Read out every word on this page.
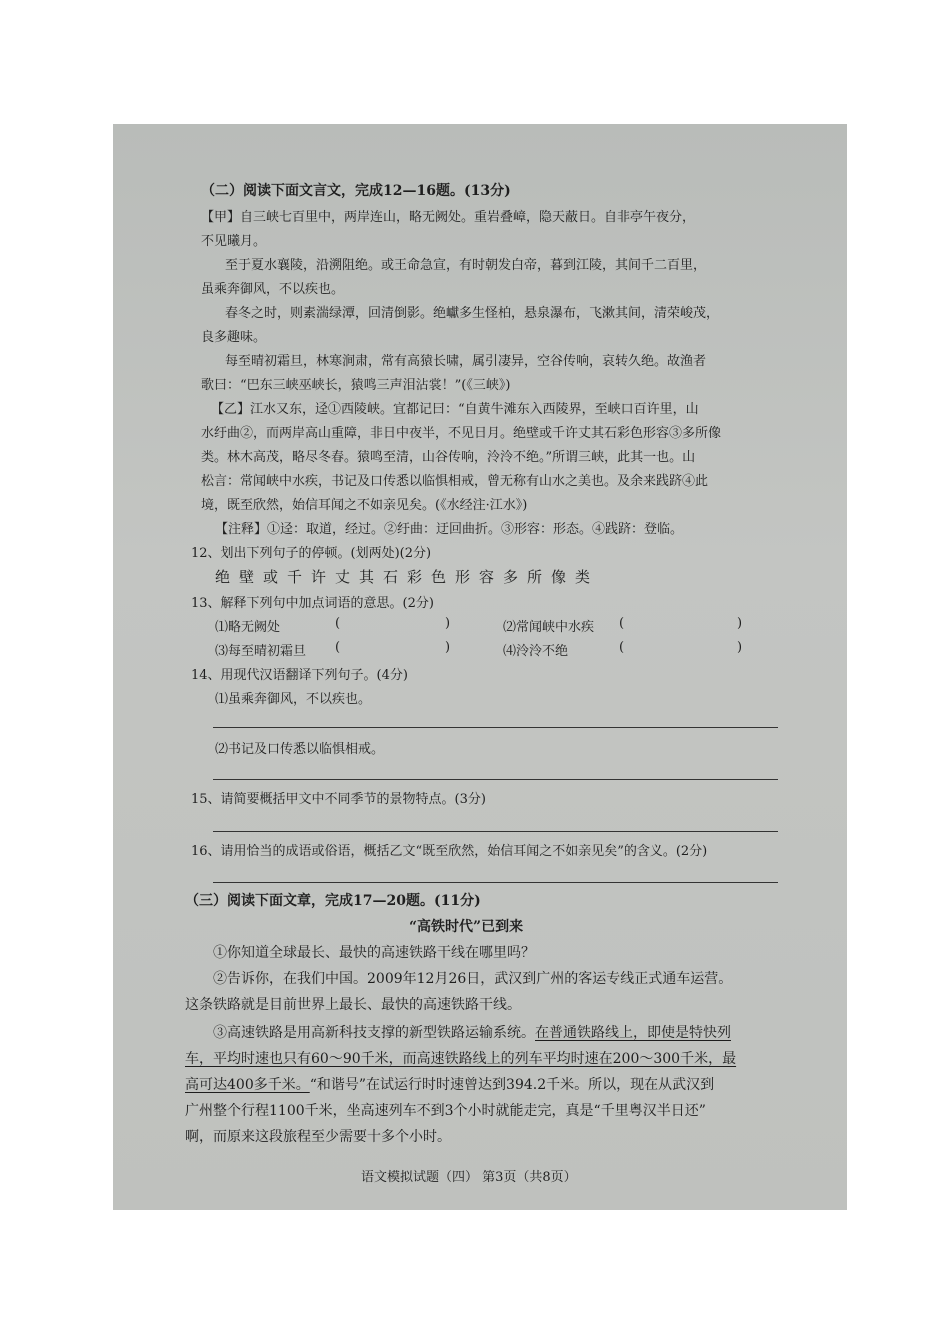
（二）阅读下面文言文，完成12—16题。(13分)
【甲】自三峡七百里中，两岸连山，略无阙处。重岩叠嶂，隐天蔽日。自非亭午夜分，
不见曦月。
至于夏水襄陵，沿溯阻绝。或王命急宣，有时朝发白帝，暮到江陵，其间千二百里，
虽乘奔御风，不以疾也。
春冬之时，则素湍绿潭，回清倒影。绝巘多生怪柏，悬泉瀑布，飞漱其间，清荣峻茂，
良多趣味。
每至晴初霜旦，林寒涧肃，常有高猿长啸，属引凄异，空谷传响，哀转久绝。故渔者
歌曰：“巴东三峡巫峡长，猿鸣三声泪沾裳！”(《三峡》)
【乙】江水又东，迳①西陵峡。宜都记曰：“自黄牛滩东入西陵界，至峡口百许里，山
水纡曲②，而两岸高山重障，非日中夜半，不见日月。绝壁或千许丈其石彩色形容③多所像
类。林木高茂，略尽冬春。猿鸣至清，山谷传响，泠泠不绝。”所谓三峡，此其一也。山
松言：常闻峡中水疾，书记及口传悉以临惧相戒，曾无称有山水之美也。及余来践跻④此
境，既至欣然，始信耳闻之不如亲见矣。(《水经注·江水》)
【注释】①迳：取道，经过。②纡曲：迂回曲折。③形容：形态。④践跻：登临。
12、划出下列句子的停顿。(划两处)(2分)
绝壁或千许丈其石彩色形容多所像类
13、解释下列句中加点词语的意思。(2分)
⑴略无阙处	(	)	⑵常闻峡中水疾 (	)
⑶每至晴初霜旦 (	)	⑷泠泠不绝	(	)
14、用现代汉语翻译下列句子。(4分)
⑴虽乘奔御风，不以疾也。
⑵书记及口传悉以临惧相戒。
15、请简要概括甲文中不同季节的景物特点。(3分)
16、请用恰当的成语或俗语，概括乙文“既至欣然，始信耳闻之不如亲见矣”的含义。(2分)
（三）阅读下面文章，完成17—20题。(11分)
“高铁时代”已到来
①你知道全球最长、最快的高速铁路干线在哪里吗？
②告诉你，在我们中国。2009年12月26日，武汉到广州的客运专线正式通车运营。
这条铁路就是目前世界上最长、最快的高速铁路干线。
③高速铁路是用高新科技支撑的新型铁路运输系统。在普通铁路线上，即使是特快列
车，平均时速也只有60～90千米，而高速铁路线上的列车平均时速在200～300千米，最
高可达400多千米。“和谐号”在试运行时时速曾达到394.2千米。所以，现在从武汉到
广州整个行程1100千米，坐高速列车不到3个小时就能走完，真是“千里粤汉半日还”
啊，而原来这段旅程至少需要十多个小时。
语文模拟试题（四） 第3页（共8页）
